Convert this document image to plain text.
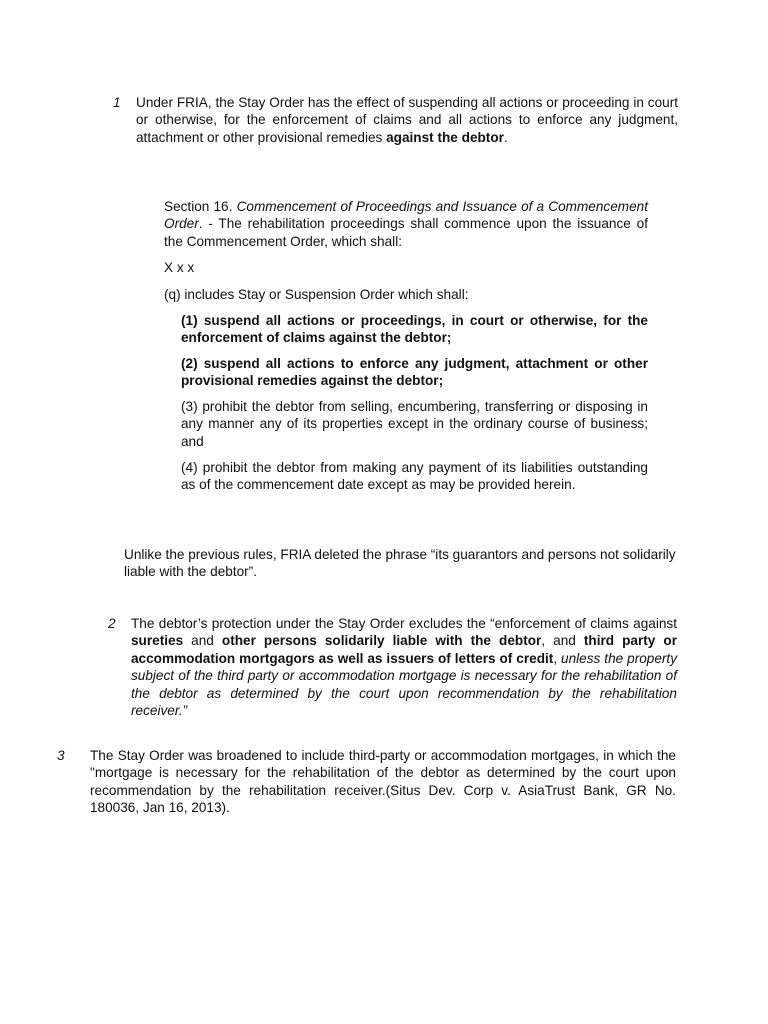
1 Under FRIA, the Stay Order has the effect of suspending all actions or proceeding in court or otherwise, for the enforcement of claims and all actions to enforce any judgment, attachment or other provisional remedies against the debtor.
Section 16. Commencement of Proceedings and Issuance of a Commencement Order. - The rehabilitation proceedings shall commence upon the issuance of the Commencement Order, which shall:
X x x
(q) includes Stay or Suspension Order which shall:
(1) suspend all actions or proceedings, in court or otherwise, for the enforcement of claims against the debtor;
(2) suspend all actions to enforce any judgment, attachment or other provisional remedies against the debtor;
(3) prohibit the debtor from selling, encumbering, transferring or disposing in any manner any of its properties except in the ordinary course of business; and
(4) prohibit the debtor from making any payment of its liabilities outstanding as of the commencement date except as may be provided herein.
Unlike the previous rules, FRIA deleted the phrase “its guarantors and persons not solidarily liable with the debtor”.
2 The debtor’s protection under the Stay Order excludes the “enforcement of claims against sureties and other persons solidarily liable with the debtor, and third party or accommodation mortgagors as well as issuers of letters of credit, unless the property subject of the third party or accommodation mortgage is necessary for the rehabilitation of the debtor as determined by the court upon recommendation by the rehabilitation receiver.”
3 The Stay Order was broadened to include third-party or accommodation mortgages, in which the "mortgage is necessary for the rehabilitation of the debtor as determined by the court upon recommendation by the rehabilitation receiver.(Situs Dev. Corp v. AsiaTrust Bank, GR No. 180036, Jan 16, 2013).
